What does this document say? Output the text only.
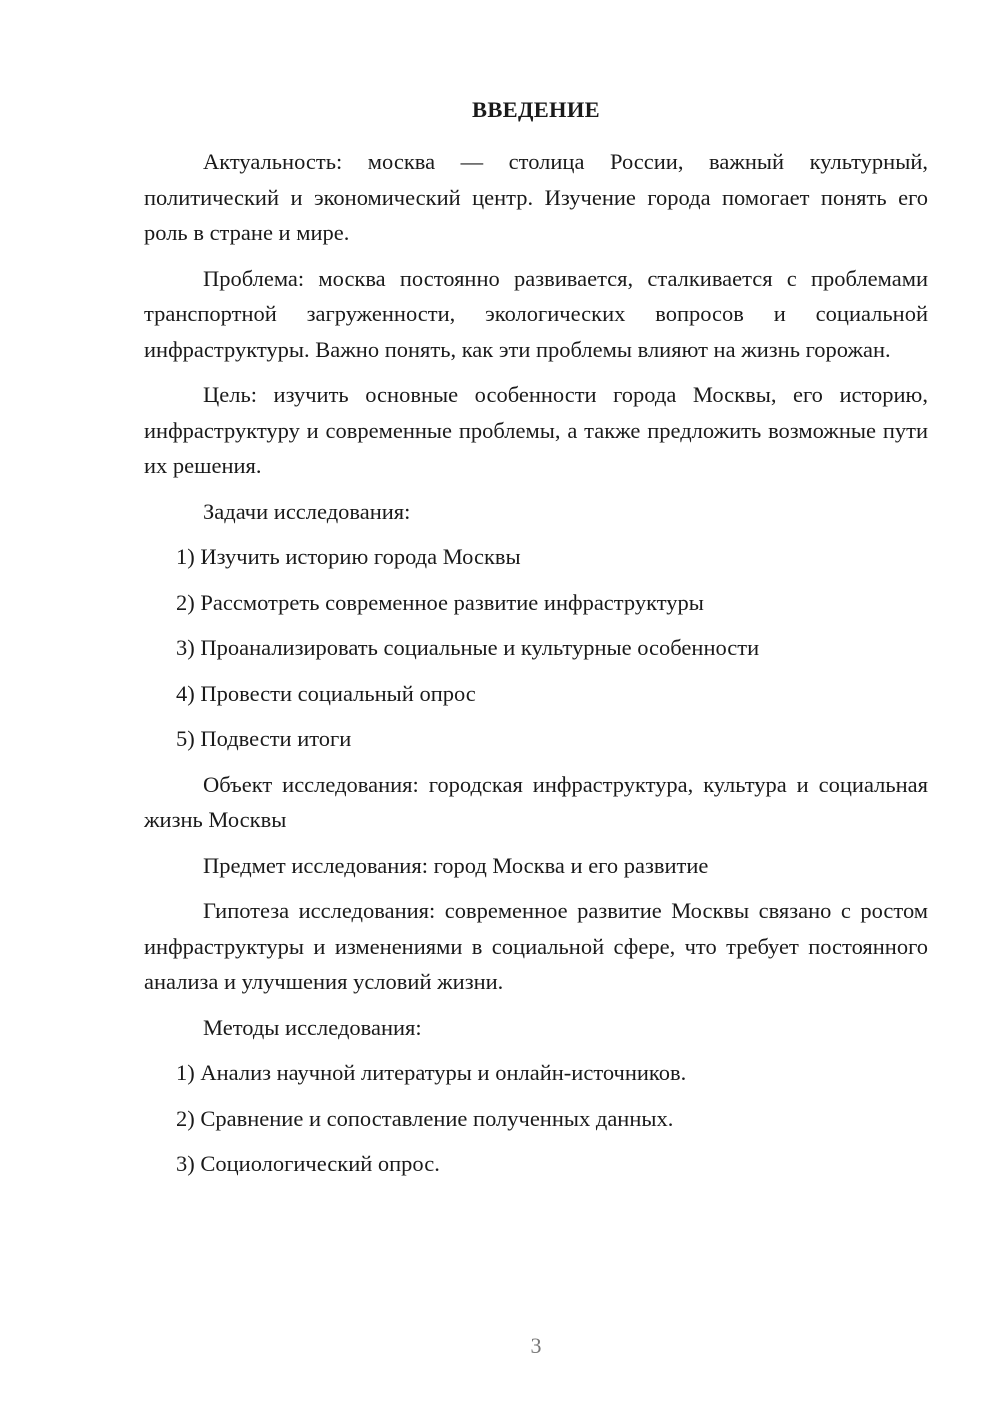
ВВЕДЕНИЕ

Актуальность: москва — столица России, важный культурный, политический и экономический центр. Изучение города помогает понять его роль в стране и мире.

Проблема: москва постоянно развивается, сталкивается с проблемами транспортной загруженности, экологических вопросов и социальной инфраструктуры. Важно понять, как эти проблемы влияют на жизнь горожан.

Цель: изучить основные особенности города Москвы, его историю, инфраструктуру и современные проблемы, а также предложить возможные пути их решения.

Задачи исследования:

1) Изучить историю города Москвы
2) Рассмотреть современное развитие инфраструктуры
3) Проанализировать социальные и культурные особенности
4) Провести социальный опрос
5) Подвести итоги

Объект исследования: городская инфраструктура, культура и социальная жизнь Москвы

Предмет исследования: город Москва и его развитие

Гипотеза исследования: современное развитие Москвы связано с ростом инфраструктуры и изменениями в социальной сфере, что требует постоянного анализа и улучшения условий жизни.

Методы исследования:

1) Анализ научной литературы и онлайн-источников.
2) Сравнение и сопоставление полученных данных.
3) Социологический опрос.
3
